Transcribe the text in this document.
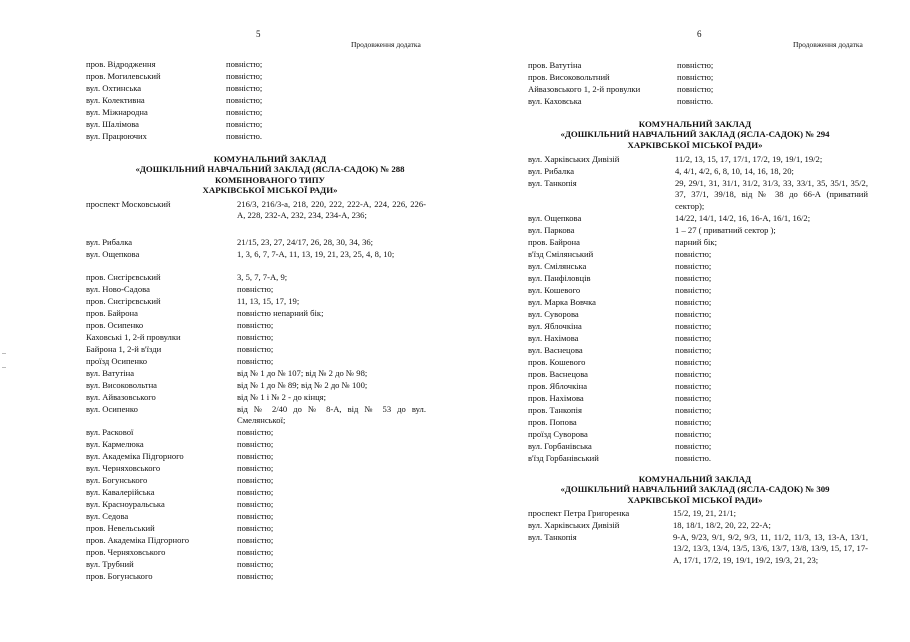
5
Продовження додатка
пров. Відродження	повністю;
пров. Могилевський	повністю;
вул. Охтинська	повністю;
вул. Колективна	повністю;
вул. Міжнародна	повністю;
вул. Шалімова	повністю;
вул. Працюючих	повністю.
КОМУНАЛЬНИЙ ЗАКЛАД
«ДОШКІЛЬНИЙ НАВЧАЛЬНИЙ ЗАКЛАД (ЯСЛА-САДОК) № 288
КОМБІНОВАНОГО ТИПУ
ХАРКІВСЬКОЇ МІСЬКОЇ РАДИ»
проспект Московський	216/3, 216/3-а, 218, 220, 222, 222-А, 224, 226, 226-А, 228, 232-А, 232, 234, 234-А, 236;
вул. Рибалка	21/15, 23, 27, 24/17, 26, 28, 30, 34, 36;
вул. Ощепкова	1, 3, 6, 7, 7-А, 11, 13, 19, 21, 23, 25, 4, 8, 10;
пров. Снєгірєвський	3, 5, 7, 7-А, 9;
вул. Ново-Садова	повністю;
пров. Снєгірєвський	11, 13, 15, 17, 19;
пров. Байрона	повністю непарний бік;
пров. Осипенко	повністю;
Каховські 1, 2-й провулки	повністю;
Байрона 1, 2-й в'їзди	повністю;
проїзд Осипенко	повністю;
вул. Ватутіна	від № 1 до № 107; від № 2 до № 98;
вул. Високовольтна	від № 1 до № 89; від № 2 до № 100;
вул. Айвазовського	від № 1 і № 2 - до кінця;
вул. Осипенко	від № 2/40 до № 8-А, від № 53 до вул. Смелянської;
вул. Раскової	повністю;
вул. Кармелюка	повністю;
вул. Академіка Підгорного	повністю;
вул. Черняховського	повністю;
вул. Богунського	повністю;
вул. Кавалерійська	повністю;
вул. Красноуральська	повністю;
вул. Седова	повністю;
пров. Невельський	повністю;
пров. Академіка Підгорного	повністю;
пров. Черняховського	повністю;
вул. Трубний	повністю;
пров. Богунського	повністю;
6
Продовження додатка
пров. Ватутіна	повністю;
пров. Високовольтний	повністю;
Айвазовського 1, 2-й провулки	повністю;
вул. Каховська	повністю.
КОМУНАЛЬНИЙ ЗАКЛАД
«ДОШКІЛЬНИЙ НАВЧАЛЬНИЙ ЗАКЛАД (ЯСЛА-САДОК) № 294
ХАРКІВСЬКОЇ МІСЬКОЇ РАДИ»
вул. Харківських Дивізій	11/2, 13, 15, 17, 17/1, 17/2, 19, 19/1, 19/2;
вул. Рибалка	4, 4/1, 4/2, 6, 8, 10, 14, 16, 18, 20;
вул. Танкопія	29, 29/1, 31, 31/1, 31/2, 31/3, 33, 33/1, 35, 35/1, 35/2, 37, 37/1, 39/18, від № 38 до 66-А (приватний сектор);
вул. Ощепкова	14/22, 14/1, 14/2, 16, 16-А, 16/1, 16/2;
вул. Паркова	1 – 27 ( приватний сектор );
пров. Байрона	парний бік;
в'їзд Смілянський	повністю;
вул. Смілянська	повністю;
вул. Панфіловців	повністю;
вул. Кошевого	повністю;
вул. Марка Вовчка	повністю;
вул. Суворова	повністю;
вул. Яблочкіна	повністю;
вул. Нахімова	повністю;
вул. Васнецова	повністю;
пров. Кошевого	повністю;
пров. Васнецова	повністю;
пров. Яблочкіна	повністю;
пров. Нахімова	повністю;
пров. Танкопія	повністю;
пров. Попова	повністю;
проїзд Суворова	повністю;
вул. Горбанівська	повністю;
в'їзд Горбанівський	повністю.
КОМУНАЛЬНИЙ ЗАКЛАД
«ДОШКІЛЬНИЙ НАВЧАЛЬНИЙ ЗАКЛАД (ЯСЛА-САДОК) № 309
ХАРКІВСЬКОЇ МІСЬКОЇ РАДИ»
проспект Петра Григоренка	15/2, 19, 21, 21/1;
вул. Харківських Дивізій	18, 18/1, 18/2, 20, 22, 22-А;
вул. Танкопія	9-А, 9/23, 9/1, 9/2, 9/3, 11, 11/2, 11/3, 13, 13-А, 13/1, 13/2, 13/3, 13/4, 13/5, 13/6, 13/7, 13/8, 13/9, 15, 17, 17-А, 17/1, 17/2, 19, 19/1, 19/2, 19/3, 21, 23;
